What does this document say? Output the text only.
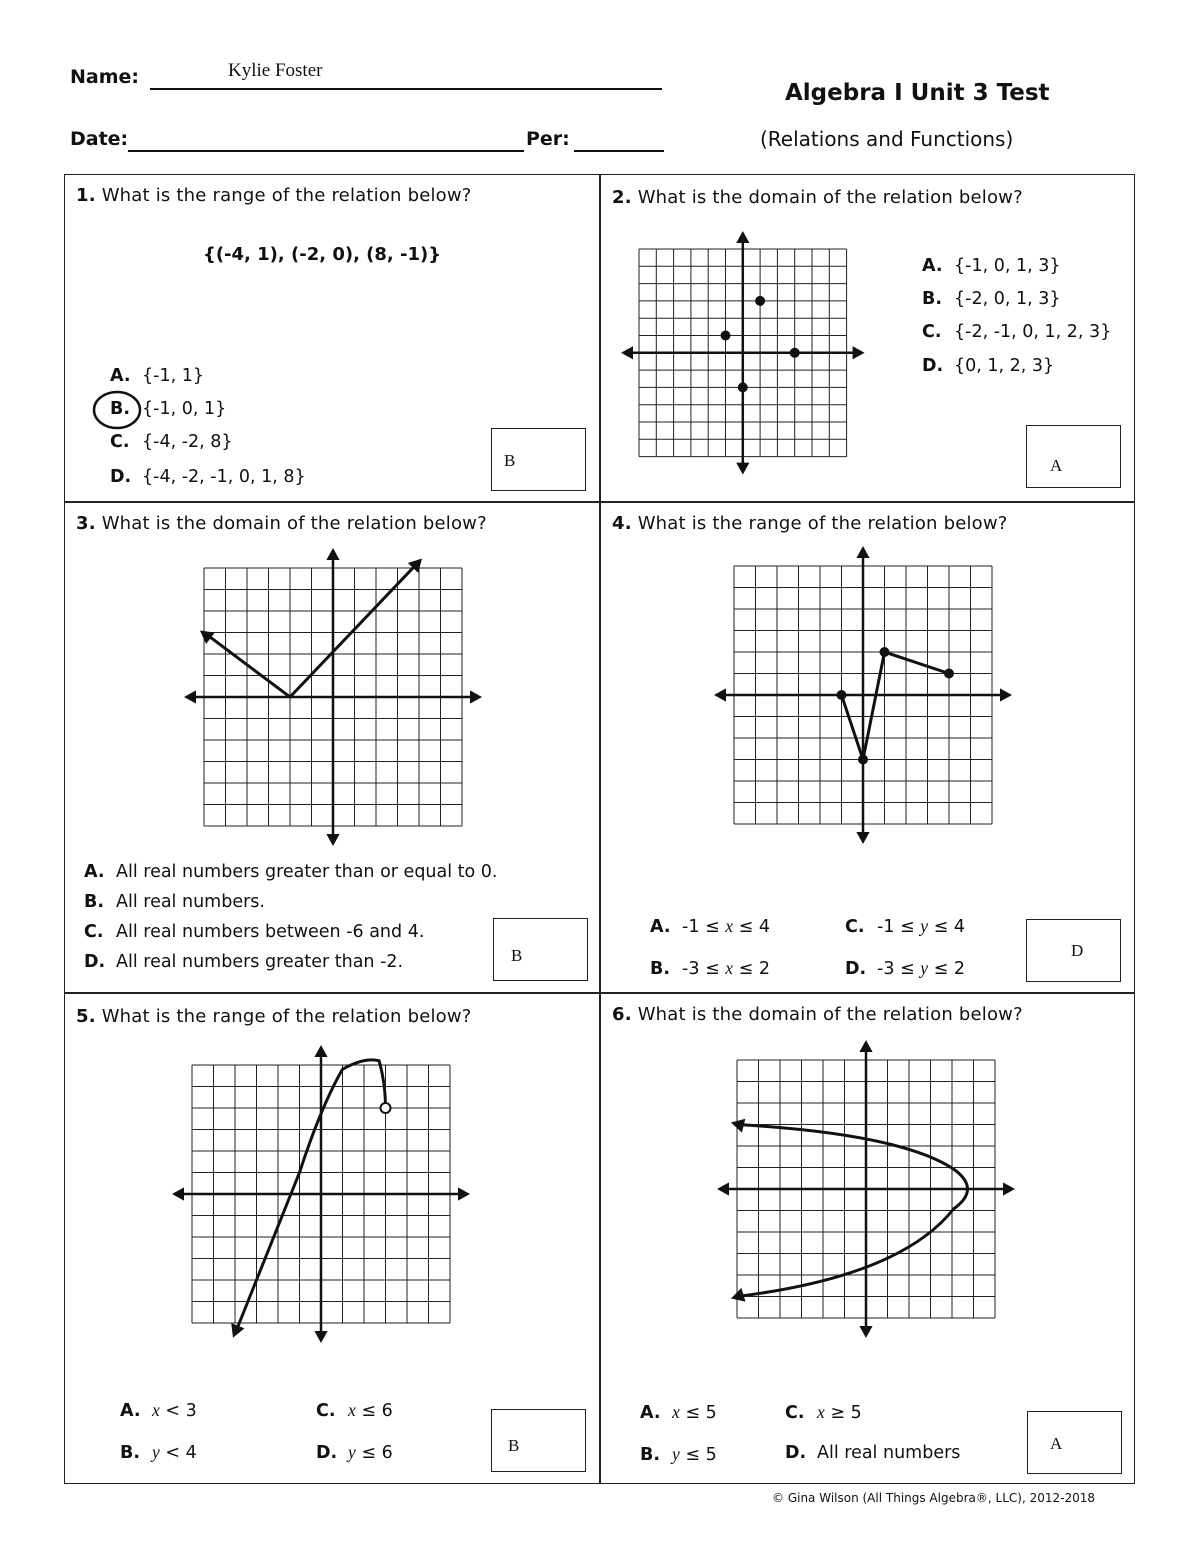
Name:	Kylie Foster
Date:	Per:
Algebra I Unit 3 Test
(Relations and Functions)
1. What is the range of the relation below?
{(-4, 1), (-2, 0), (8, -1)}
A. {-1, 1}
B. {-1, 0, 1}
C. {-4, -2, 8}
D. {-4, -2, -1, 0, 1, 8}
B
2. What is the domain of the relation below?
A. {-1, 0, 1, 3}
B. {-2, 0, 1, 3}
C. {-2, -1, 0, 1, 2, 3}
D. {0, 1, 2, 3}
A
3. What is the domain of the relation below?
A. All real numbers greater than or equal to 0.
B. All real numbers.
C. All real numbers between -6 and 4.
D. All real numbers greater than -2.	B
4. What is the range of the relation below?
A. -1 ≤ x ≤ 4	C. -1 ≤ y ≤ 4
B. -3 ≤ x ≤ 2	D. -3 ≤ y ≤ 2
D
5. What is the range of the relation below?
A. x < 3	C. x ≤ 6
B. y < 4	D. y ≤ 6	B
6. What is the domain of the relation below?
A. x ≤ 5	C. x ≥ 5
B. y ≤ 5	D. All real numbers	A
© Gina Wilson (All Things Algebra®, LLC), 2012-2018
